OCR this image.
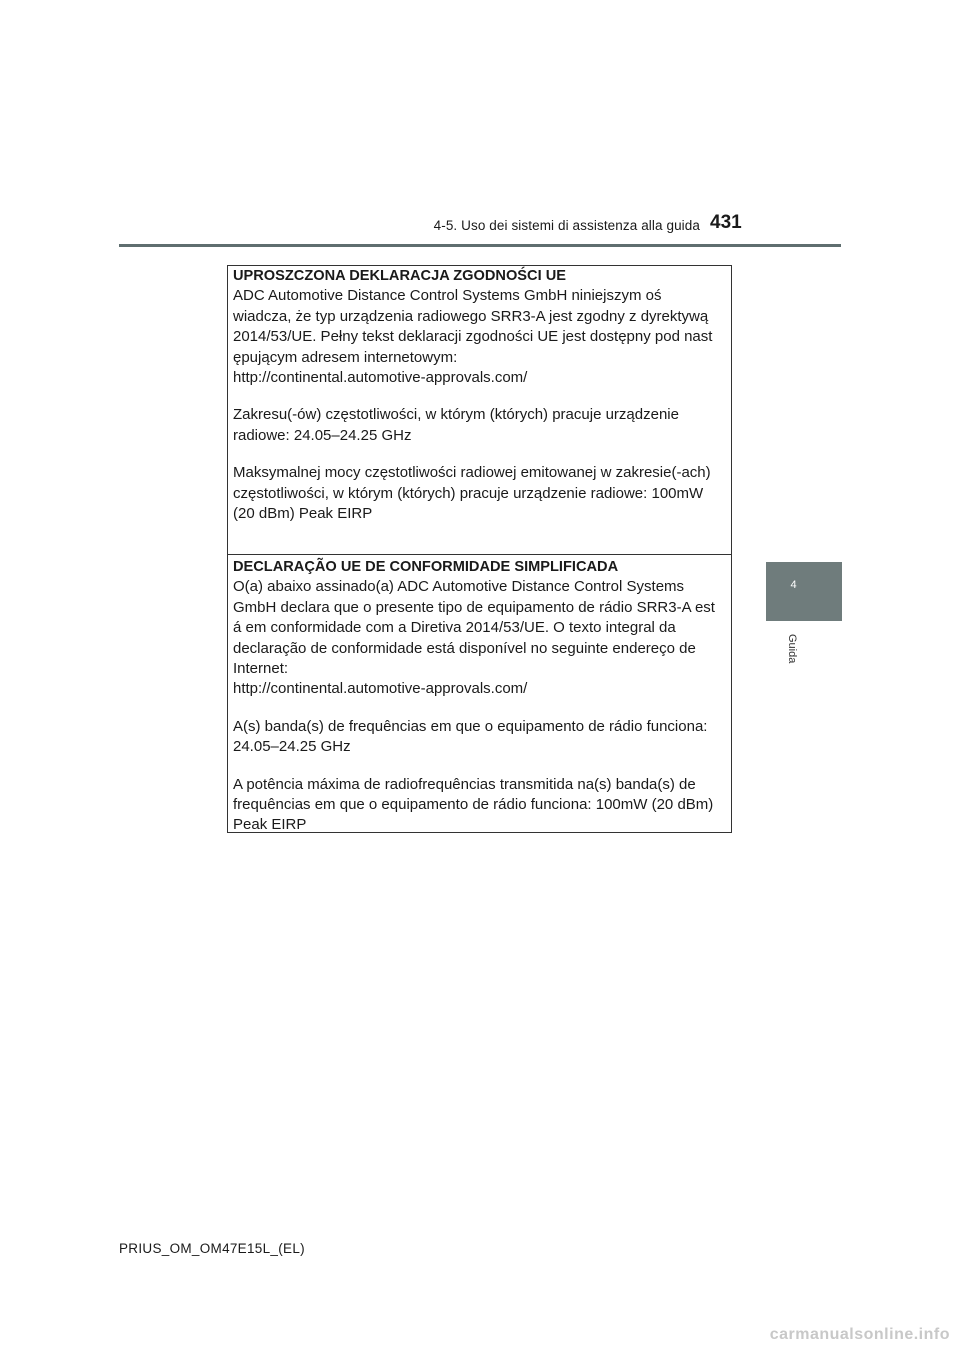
4-5. Uso dei sistemi di assistenza alla guida 431
4
Guida
UPROSZCZONA DEKLARACJA ZGODNOŚCI UE

ADC Automotive Distance Control Systems GmbH niniejszym oś

wiadcza, że typ urządzenia radiowego SRR3-A jest zgodny z dyrektywą

2014/53/UE. Pełny tekst deklaracji zgodności UE jest dostępny pod nast

ępującym adresem internetowym:

http://continental.automotive-approvals.com/

Zakresu(-ów) częstotliwości, w którym (których) pracuje urządzenie

radiowe: 24.05–24.25 GHz

Maksymalnej mocy częstotliwości radiowej emitowanej w zakresie(-ach)

częstotliwości, w którym (których) pracuje urządzenie radiowe: 100mW

(20 dBm) Peak EIRP

DECLARAÇÃO UE DE CONFORMIDADE SIMPLIFICADA

O(a) abaixo assinado(a) ADC Automotive Distance Control Systems

GmbH declara que o presente tipo de equipamento de rádio SRR3-A est

á em conformidade com a Diretiva 2014/53/UE. O texto integral da

declaração de conformidade está disponível no seguinte endereço de

Internet:

http://continental.automotive-approvals.com/

A(s) banda(s) de frequências em que o equipamento de rádio funciona:

24.05–24.25 GHz

A potência máxima de radiofrequências transmitida na(s) banda(s) de

frequências em que o equipamento de rádio funciona: 100mW (20 dBm)

Peak EIRP

PRIUS_OM_OM47E15L_(EL)
carmanualsonline.info
